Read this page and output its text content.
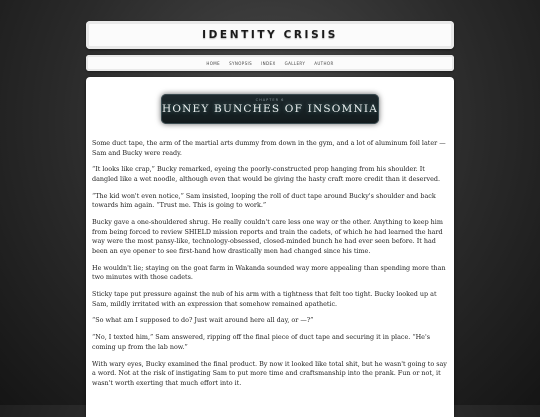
IDENTITY CRISIS
HOME SYNOPSIS INDEX GALLERY AUTHOR
CHAPTER 6
HONEY BUNCHES OF INSOMNIA

Some duct tape, the arm of the martial arts dummy from down in the gym, and a lot of aluminum foil later — Sam and Bucky were ready.

“It looks like crap,” Bucky remarked, eyeing the poorly-constructed prop hanging from his shoulder. It dangled like a wet noodle, although even that would be giving the hasty craft more credit than it deserved.

“The kid won't even notice,” Sam insisted, looping the roll of duct tape around Bucky's shoulder and back towards him again. “Trust me. This is going to work.”

Bucky gave a one-shouldered shrug. He really couldn't care less one way or the other. Anything to keep him from being forced to review SHIELD mission reports and train the cadets, of which he had learned the hard way were the most pansy-like, technology-obsessed, closed-minded bunch he had ever seen before. It had been an eye opener to see first-hand how drastically men had changed since his time.

He wouldn't lie; staying on the goat farm in Wakanda sounded way more appealing than spending more than two minutes with those cadets.

Sticky tape put pressure against the nub of his arm with a tightness that felt too tight. Bucky looked up at Sam, mildly irritated with an expression that somehow remained apathetic.

“So what am I supposed to do? Just wait around here all day, or —?”

“No, I texted him,” Sam answered, ripping off the final piece of duct tape and securing it in place. “He's coming up from the lab now.”

With wary eyes, Bucky examined the final product. By now it looked like total shit, but he wasn't going to say a word. Not at the risk of instigating Sam to put more time and craftsmanship into the prank. Fun or not, it wasn't worth exerting that much effort into it.
